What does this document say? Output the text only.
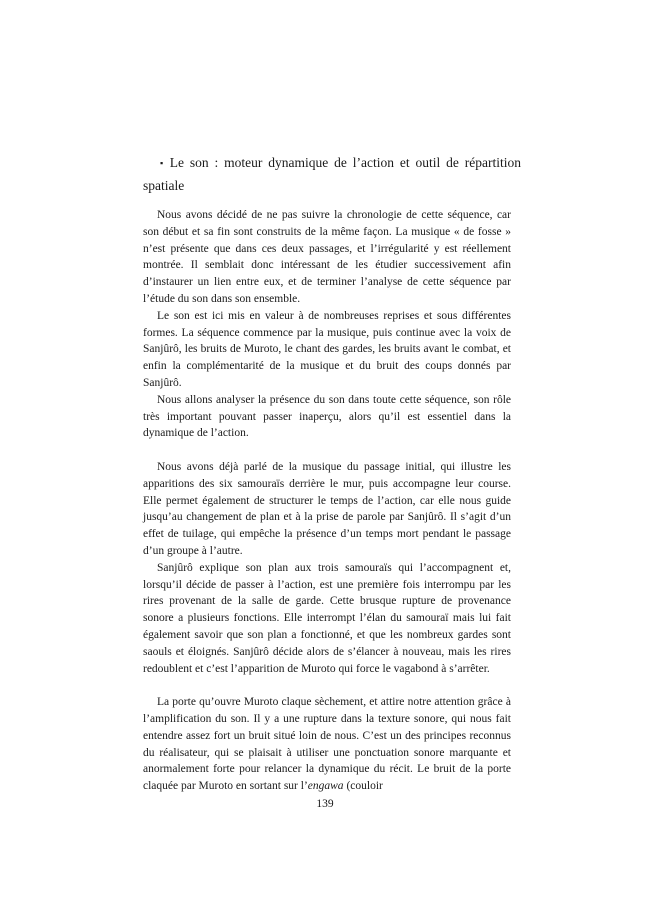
▪ Le son : moteur dynamique de l’action et outil de répartition
spatiale

Nous avons décidé de ne pas suivre la chronologie de cette séquence, car son début et sa fin sont construits de la même façon. La musique « de fosse » n’est présente que dans ces deux passages, et l’irrégularité y est réellement montrée. Il semblait donc intéressant de les étudier successivement afin d’instaurer un lien entre eux, et de terminer l’analyse de cette séquence par l’étude du son dans son ensemble.

Le son est ici mis en valeur à de nombreuses reprises et sous différentes formes. La séquence commence par la musique, puis continue avec la voix de Sanjûrô, les bruits de Muroto, le chant des gardes, les bruits avant le combat, et enfin la complémentarité de la musique et du bruit des coups donnés par Sanjûrô.

Nous allons analyser la présence du son dans toute cette séquence, son rôle très important pouvant passer inaperçu, alors qu’il est essentiel dans la dynamique de l’action.

Nous avons déjà parlé de la musique du passage initial, qui illustre les apparitions des six samouraïs derrière le mur, puis accompagne leur course. Elle permet également de structurer le temps de l’action, car elle nous guide jusqu’au changement de plan et à la prise de parole par Sanjûrô. Il s’agit d’un effet de tuilage, qui empêche la présence d’un temps mort pendant le passage d’un groupe à l’autre.

Sanjûrô explique son plan aux trois samouraïs qui l’accompagnent et, lorsqu’il décide de passer à l’action, est une première fois interrompu par les rires provenant de la salle de garde. Cette brusque rupture de provenance sonore a plusieurs fonctions. Elle interrompt l’élan du samouraï mais lui fait également savoir que son plan a fonctionné, et que les nombreux gardes sont saouls et éloignés. Sanjûrô décide alors de s’élancer à nouveau, mais les rires redoublent et c’est l’apparition de Muroto qui force le vagabond à s’arrêter.

La porte qu’ouvre Muroto claque sèchement, et attire notre attention grâce à l’amplification du son. Il y a une rupture dans la texture sonore, qui nous fait entendre assez fort un bruit situé loin de nous. C’est un des principes reconnus du réalisateur, qui se plaisait à utiliser une ponctuation sonore marquante et anormalement forte pour relancer la dynamique du récit. Le bruit de la porte claquée par Muroto en sortant sur l’engawa (couloir

139
